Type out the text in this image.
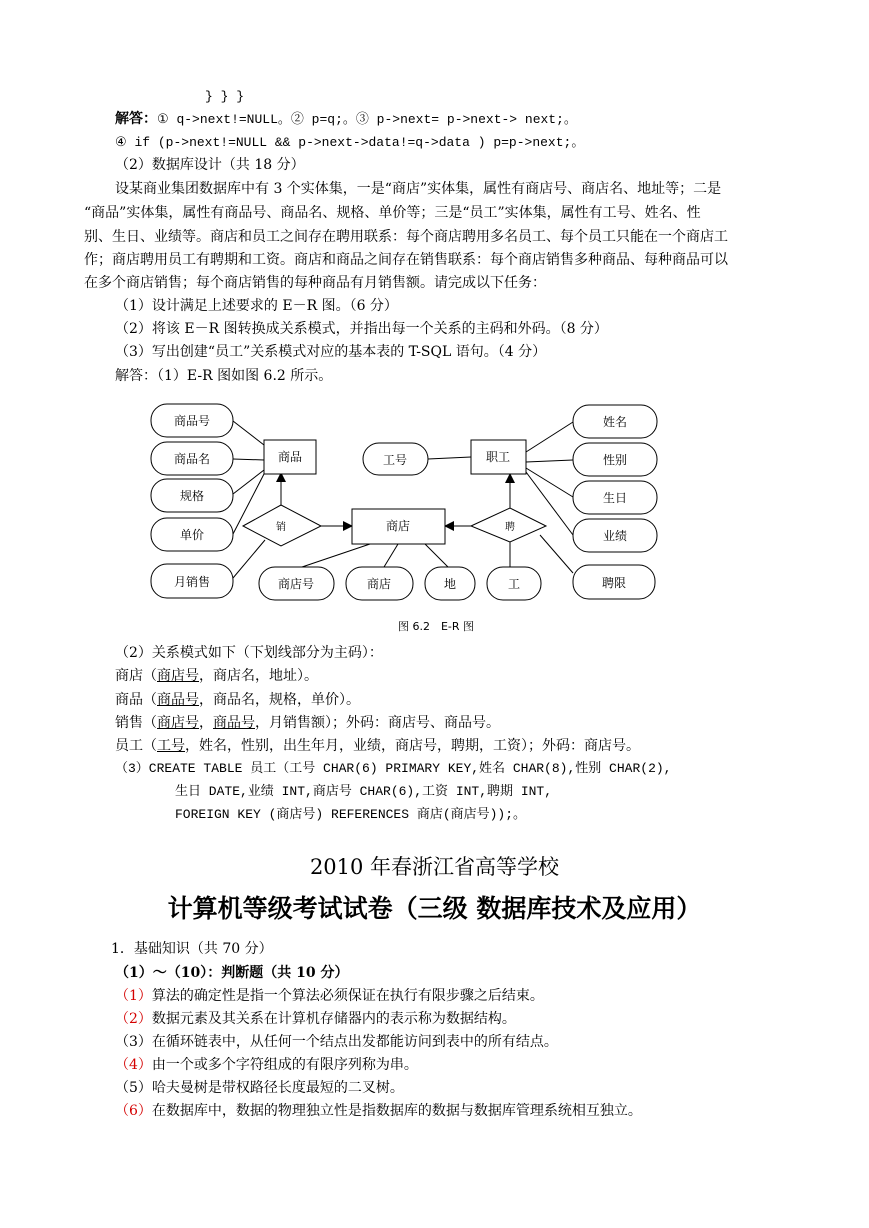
} } }
解答：① q->next!=NULL。② p=q;。③ p->next= p->next-> next;。
④ if (p->next!=NULL && p->next->data!=q->data ) p=p->next;。
（2）数据库设计（共 18 分）
设某商业集团数据库中有 3 个实体集，一是“商店”实体集，属性有商店号、商店名、地址等；二是
“商品”实体集，属性有商品号、商品名、规格、单价等；三是“员工”实体集，属性有工号、姓名、性
别、生日、业绩等。商店和员工之间存在聘用联系：每个商店聘用多名员工、每个员工只能在一个商店工
作；商店聘用员工有聘期和工资。商店和商品之间存在销售联系：每个商店销售多种商品、每种商品可以
在多个商店销售；每个商店销售的每种商品有月销售额。请完成以下任务：
（1）设计满足上述要求的 E－R 图。（6 分）
（2）将该 E－R 图转换成关系模式，并指出每一个关系的主码和外码。（8 分）
（3）写出创建“员工”关系模式对应的基本表的 T-SQL 语句。（4 分）
解答：（1）E-R 图如图 6.2 所示。
商品
商店
职工
销	聘
商品号
商品名
规格
单价
月销售	商店号	商店	地
工号
姓名
性别
生日
业绩
工	聘限
图 6.2　E-R 图
（2）关系模式如下（下划线部分为主码）：
商店（商店号，商店名，地址）。
商品（商品号，商品名，规格，单价）。
销售（商店号，商品号，月销售额）；外码：商店号、商品号。
员工（工号，姓名，性别，出生年月，业绩，商店号，聘期，工资）；外码：商店号。
（3）CREATE TABLE 员工（工号 CHAR(6) PRIMARY KEY,姓名 CHAR(8),性别 CHAR(2),
生日 DATE,业绩 INT,商店号 CHAR(6),工资 INT,聘期 INT,
FOREIGN KEY (商店号) REFERENCES 商店(商店号));。
2010 年春浙江省高等学校
计算机等级考试试卷（三级 数据库技术及应用）
1．基础知识（共 70 分）
（1）～（10）：判断题（共 10 分）
（1）算法的确定性是指一个算法必须保证在执行有限步骤之后结束。
（2）数据元素及其关系在计算机存储器内的表示称为数据结构。
（3）在循环链表中，从任何一个结点出发都能访问到表中的所有结点。
（4）由一个或多个字符组成的有限序列称为串。
（5）哈夫曼树是带权路径长度最短的二叉树。
（6）在数据库中，数据的物理独立性是指数据库的数据与数据库管理系统相互独立。
